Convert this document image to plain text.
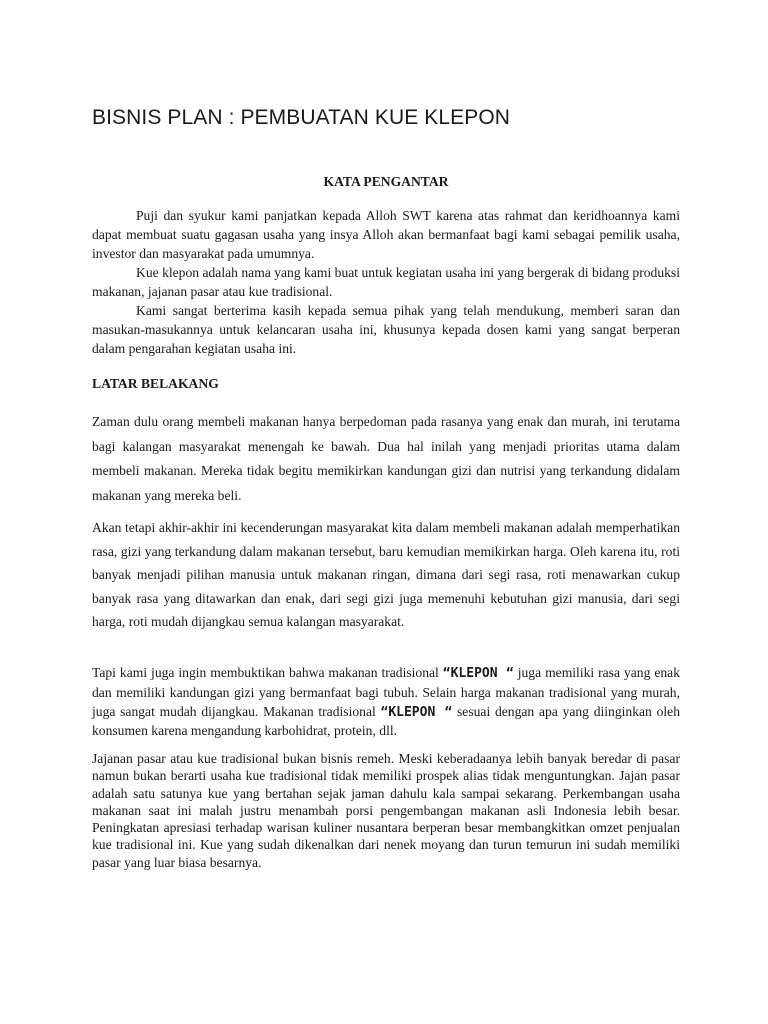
BISNIS PLAN : PEMBUATAN KUE KLEPON
KATA PENGANTAR

Puji dan syukur kami panjatkan kepada Alloh SWT karena atas rahmat dan keridhoannya kami dapat membuat suatu gagasan usaha yang insya Alloh akan bermanfaat bagi kami sebagai pemilik usaha, investor dan masyarakat pada umumnya.

Kue klepon adalah nama yang kami buat untuk kegiatan usaha ini yang bergerak di bidang produksi makanan, jajanan pasar atau kue tradisional.

Kami sangat berterima kasih kepada semua pihak yang telah mendukung, memberi saran dan masukan-masukannya untuk kelancaran usaha ini, khusunya kepada dosen kami yang sangat berperan dalam pengarahan kegiatan usaha ini.

LATAR BELAKANG
Zaman dulu orang membeli makanan hanya berpedoman pada rasanya yang enak dan murah, ini terutama bagi kalangan masyarakat menengah ke bawah. Dua hal inilah yang menjadi prioritas utama dalam membeli makanan. Mereka tidak begitu memikirkan kandungan gizi dan nutrisi yang terkandung didalam makanan yang mereka beli.
Akan tetapi akhir-akhir ini kecenderungan masyarakat kita dalam membeli makanan adalah memperhatikan rasa, gizi yang terkandung dalam makanan tersebut, baru kemudian memikirkan harga. Oleh karena itu, roti banyak menjadi pilihan manusia untuk makanan ringan, dimana dari segi rasa, roti menawarkan cukup banyak rasa yang ditawarkan dan enak, dari segi gizi juga memenuhi kebutuhan gizi manusia, dari segi harga, roti mudah dijangkau semua kalangan masyarakat.
Tapi kami juga ingin membuktikan bahwa makanan tradisional “KLEPON “ juga memiliki rasa yang enak dan memiliki kandungan gizi yang bermanfaat bagi tubuh. Selain harga makanan tradisional yang murah, juga sangat mudah dijangkau. Makanan tradisional “KLEPON “ sesuai dengan apa yang diinginkan oleh konsumen karena mengandung karbohidrat, protein, dll.
Jajanan pasar atau kue tradisional bukan bisnis remeh. Meski keberadaanya lebih banyak beredar di pasar namun bukan berarti usaha kue tradisional tidak memiliki prospek alias tidak menguntungkan. Jajan pasar adalah satu satunya kue yang bertahan sejak jaman dahulu kala sampai sekarang. Perkembangan usaha makanan saat ini malah justru menambah porsi pengembangan makanan asli Indonesia lebih besar. Peningkatan apresiasi terhadap warisan kuliner nusantara berperan besar membangkitkan omzet penjualan kue tradisional ini. Kue yang sudah dikenalkan dari nenek moyang dan turun temurun ini sudah memiliki pasar yang luar biasa besarnya.
